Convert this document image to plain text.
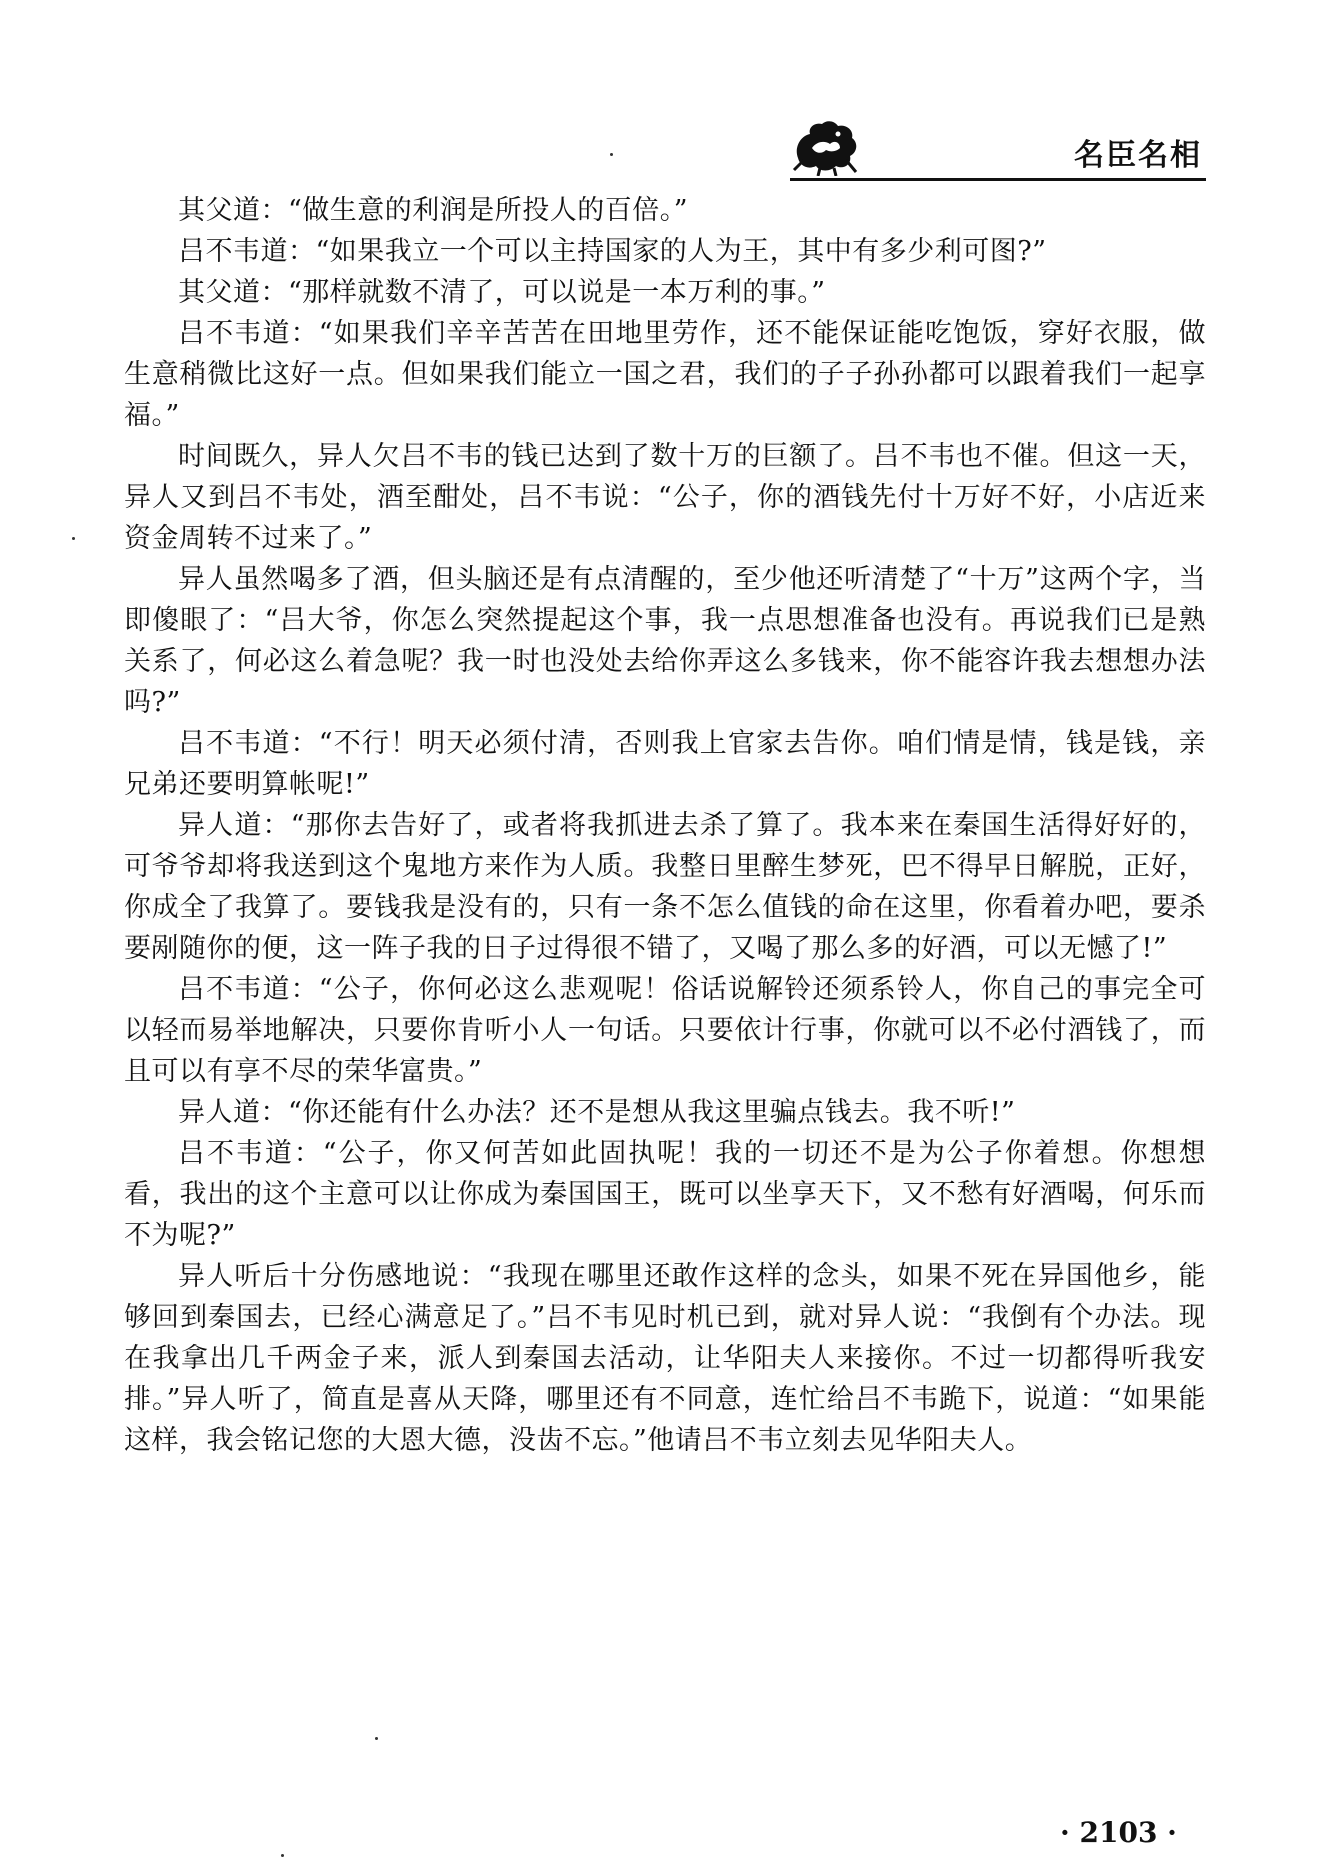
名臣名相

其父道：“做生意的利润是所投人的百倍。”

吕不韦道：“如果我立一个可以主持国家的人为王，其中有多少利可图?”

其父道：“那样就数不清了，可以说是一本万利的事。”

吕不韦道：“如果我们辛辛苦苦在田地里劳作，还不能保证能吃饱饭，穿好衣服，做生意稍微比这好一点。但如果我们能立一国之君，我们的子子孙孙都可以跟着我们一起享福。”

时间既久，异人欠吕不韦的钱已达到了数十万的巨额了。吕不韦也不催。但这一天，异人又到吕不韦处，酒至酣处，吕不韦说：“公子，你的酒钱先付十万好不好，小店近来资金周转不过来了。”

异人虽然喝多了酒，但头脑还是有点清醒的，至少他还听清楚了“十万”这两个字，当即傻眼了：“吕大爷，你怎么突然提起这个事，我一点思想准备也没有。再说我们已是熟关系了，何必这么着急呢？我一时也没处去给你弄这么多钱来，你不能容许我去想想办法吗?”

吕不韦道：“不行！明天必须付清，否则我上官家去告你。咱们情是情，钱是钱，亲兄弟还要明算帐呢!”

异人道：“那你去告好了，或者将我抓进去杀了算了。我本来在秦国生活得好好的，可爷爷却将我送到这个鬼地方来作为人质。我整日里醉生梦死，巴不得早日解脱，正好，你成全了我算了。要钱我是没有的，只有一条不怎么值钱的命在这里，你看着办吧，要杀要剐随你的便，这一阵子我的日子过得很不错了，又喝了那么多的好酒，可以无憾了!”

吕不韦道：“公子，你何必这么悲观呢！俗话说解铃还须系铃人，你自己的事完全可以轻而易举地解决，只要你肯听小人一句话。只要依计行事，你就可以不必付酒钱了，而且可以有享不尽的荣华富贵。”

异人道：“你还能有什么办法？还不是想从我这里骗点钱去。我不听!”

吕不韦道：“公子，你又何苦如此固执呢！我的一切还不是为公子你着想。你想想看，我出的这个主意可以让你成为秦国国王，既可以坐享天下，又不愁有好酒喝，何乐而不为呢?”

异人听后十分伤感地说：“我现在哪里还敢作这样的念头，如果不死在异国他乡，能够回到秦国去，已经心满意足了。”吕不韦见时机已到，就对异人说：“我倒有个办法。现在我拿出几千两金子来，派人到秦国去活动，让华阳夫人来接你。不过一切都得听我安排。”异人听了，简直是喜从天降，哪里还有不同意，连忙给吕不韦跪下，说道：“如果能这样，我会铭记您的大恩大德，没齿不忘。”他请吕不韦立刻去见华阳夫人。

· 2103 ·
